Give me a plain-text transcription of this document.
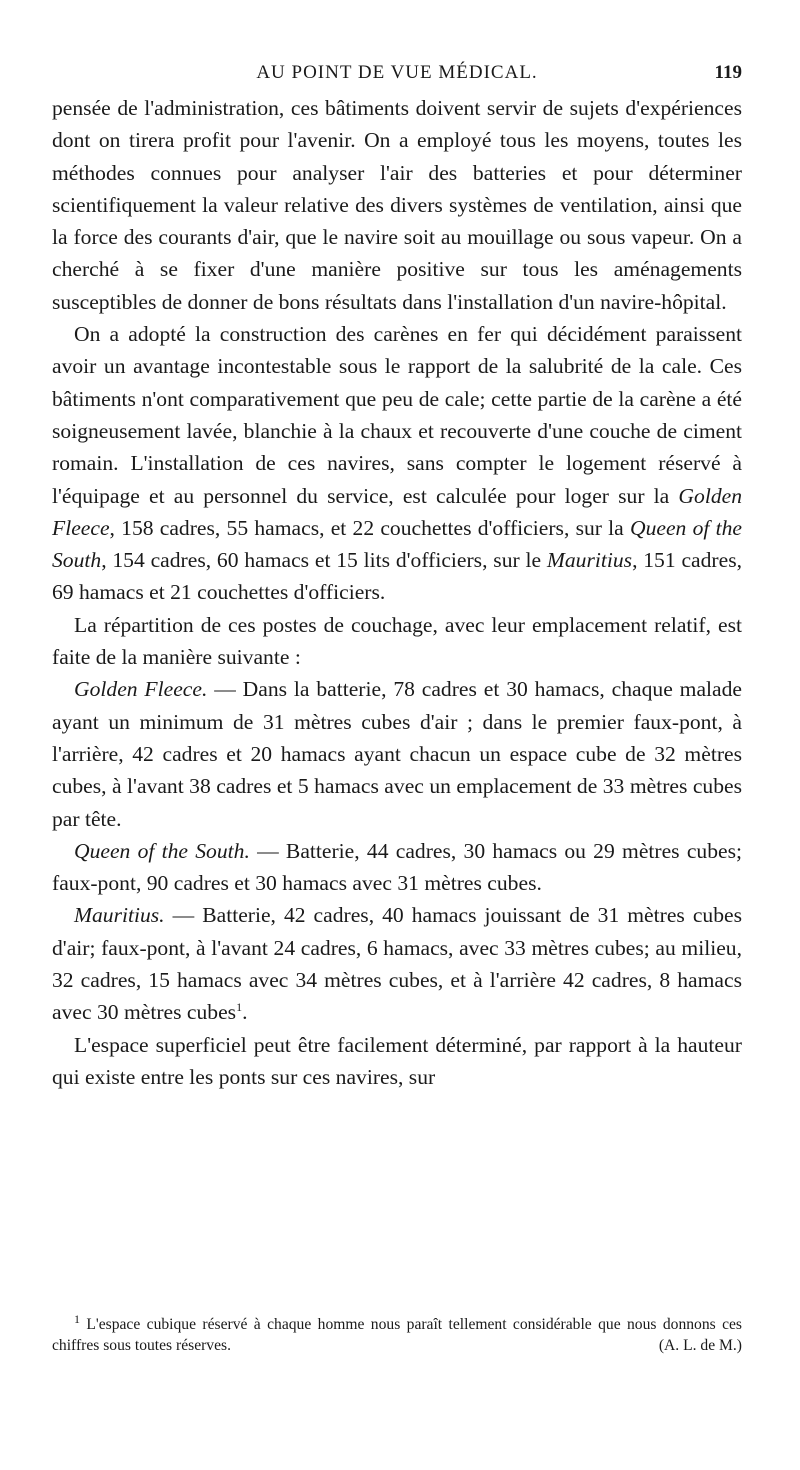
AU POINT DE VUE MÉDICAL.	119

pensée de l'administration, ces bâtiments doivent servir de sujets d'expériences dont on tirera profit pour l'avenir. On a employé tous les moyens, toutes les méthodes connues pour analyser l'air des batteries et pour déterminer scientifiquement la valeur relative des divers systèmes de ventilation, ainsi que la force des courants d'air, que le navire soit au mouillage ou sous vapeur. On a cherché à se fixer d'une manière positive sur tous les aménagements susceptibles de donner de bons résultats dans l'installation d'un navire-hôpital.

On a adopté la construction des carènes en fer qui décidément paraissent avoir un avantage incontestable sous le rapport de la salubrité de la cale. Ces bâtiments n'ont comparativement que peu de cale; cette partie de la carène a été soigneusement lavée, blanchie à la chaux et recouverte d'une couche de ciment romain. L'installation de ces navires, sans compter le logement réservé à l'équipage et au personnel du service, est calculée pour loger sur la Golden Fleece, 158 cadres, 55 hamacs, et 22 couchettes d'officiers, sur la Queen of the South, 154 cadres, 60 hamacs et 15 lits d'officiers, sur le Mauritius, 151 cadres, 69 hamacs et 21 couchettes d'officiers.

La répartition de ces postes de couchage, avec leur emplacement relatif, est faite de la manière suivante :

Golden Fleece. — Dans la batterie, 78 cadres et 30 hamacs, chaque malade ayant un minimum de 31 mètres cubes d'air ; dans le premier faux-pont, à l'arrière, 42 cadres et 20 hamacs ayant chacun un espace cube de 32 mètres cubes, à l'avant 38 cadres et 5 hamacs avec un emplacement de 33 mètres cubes par tête.

Queen of the South. — Batterie, 44 cadres, 30 hamacs ou 29 mètres cubes; faux-pont, 90 cadres et 30 hamacs avec 31 mètres cubes.

Mauritius. — Batterie, 42 cadres, 40 hamacs jouissant de 31 mètres cubes d'air; faux-pont, à l'avant 24 cadres, 6 hamacs, avec 33 mètres cubes; au milieu, 32 cadres, 15 hamacs avec 34 mètres cubes, et à l'arrière 42 cadres, 8 hamacs avec 30 mètres cubes$^1$.

L'espace superficiel peut être facilement déterminé, par rapport à la hauteur qui existe entre les ponts sur ces navires, sur

$^1$ L'espace cubique réservé à chaque homme nous paraît tellement considérable que nous donnons ces chiffres sous toutes réserves.	(A. L. de M.)
